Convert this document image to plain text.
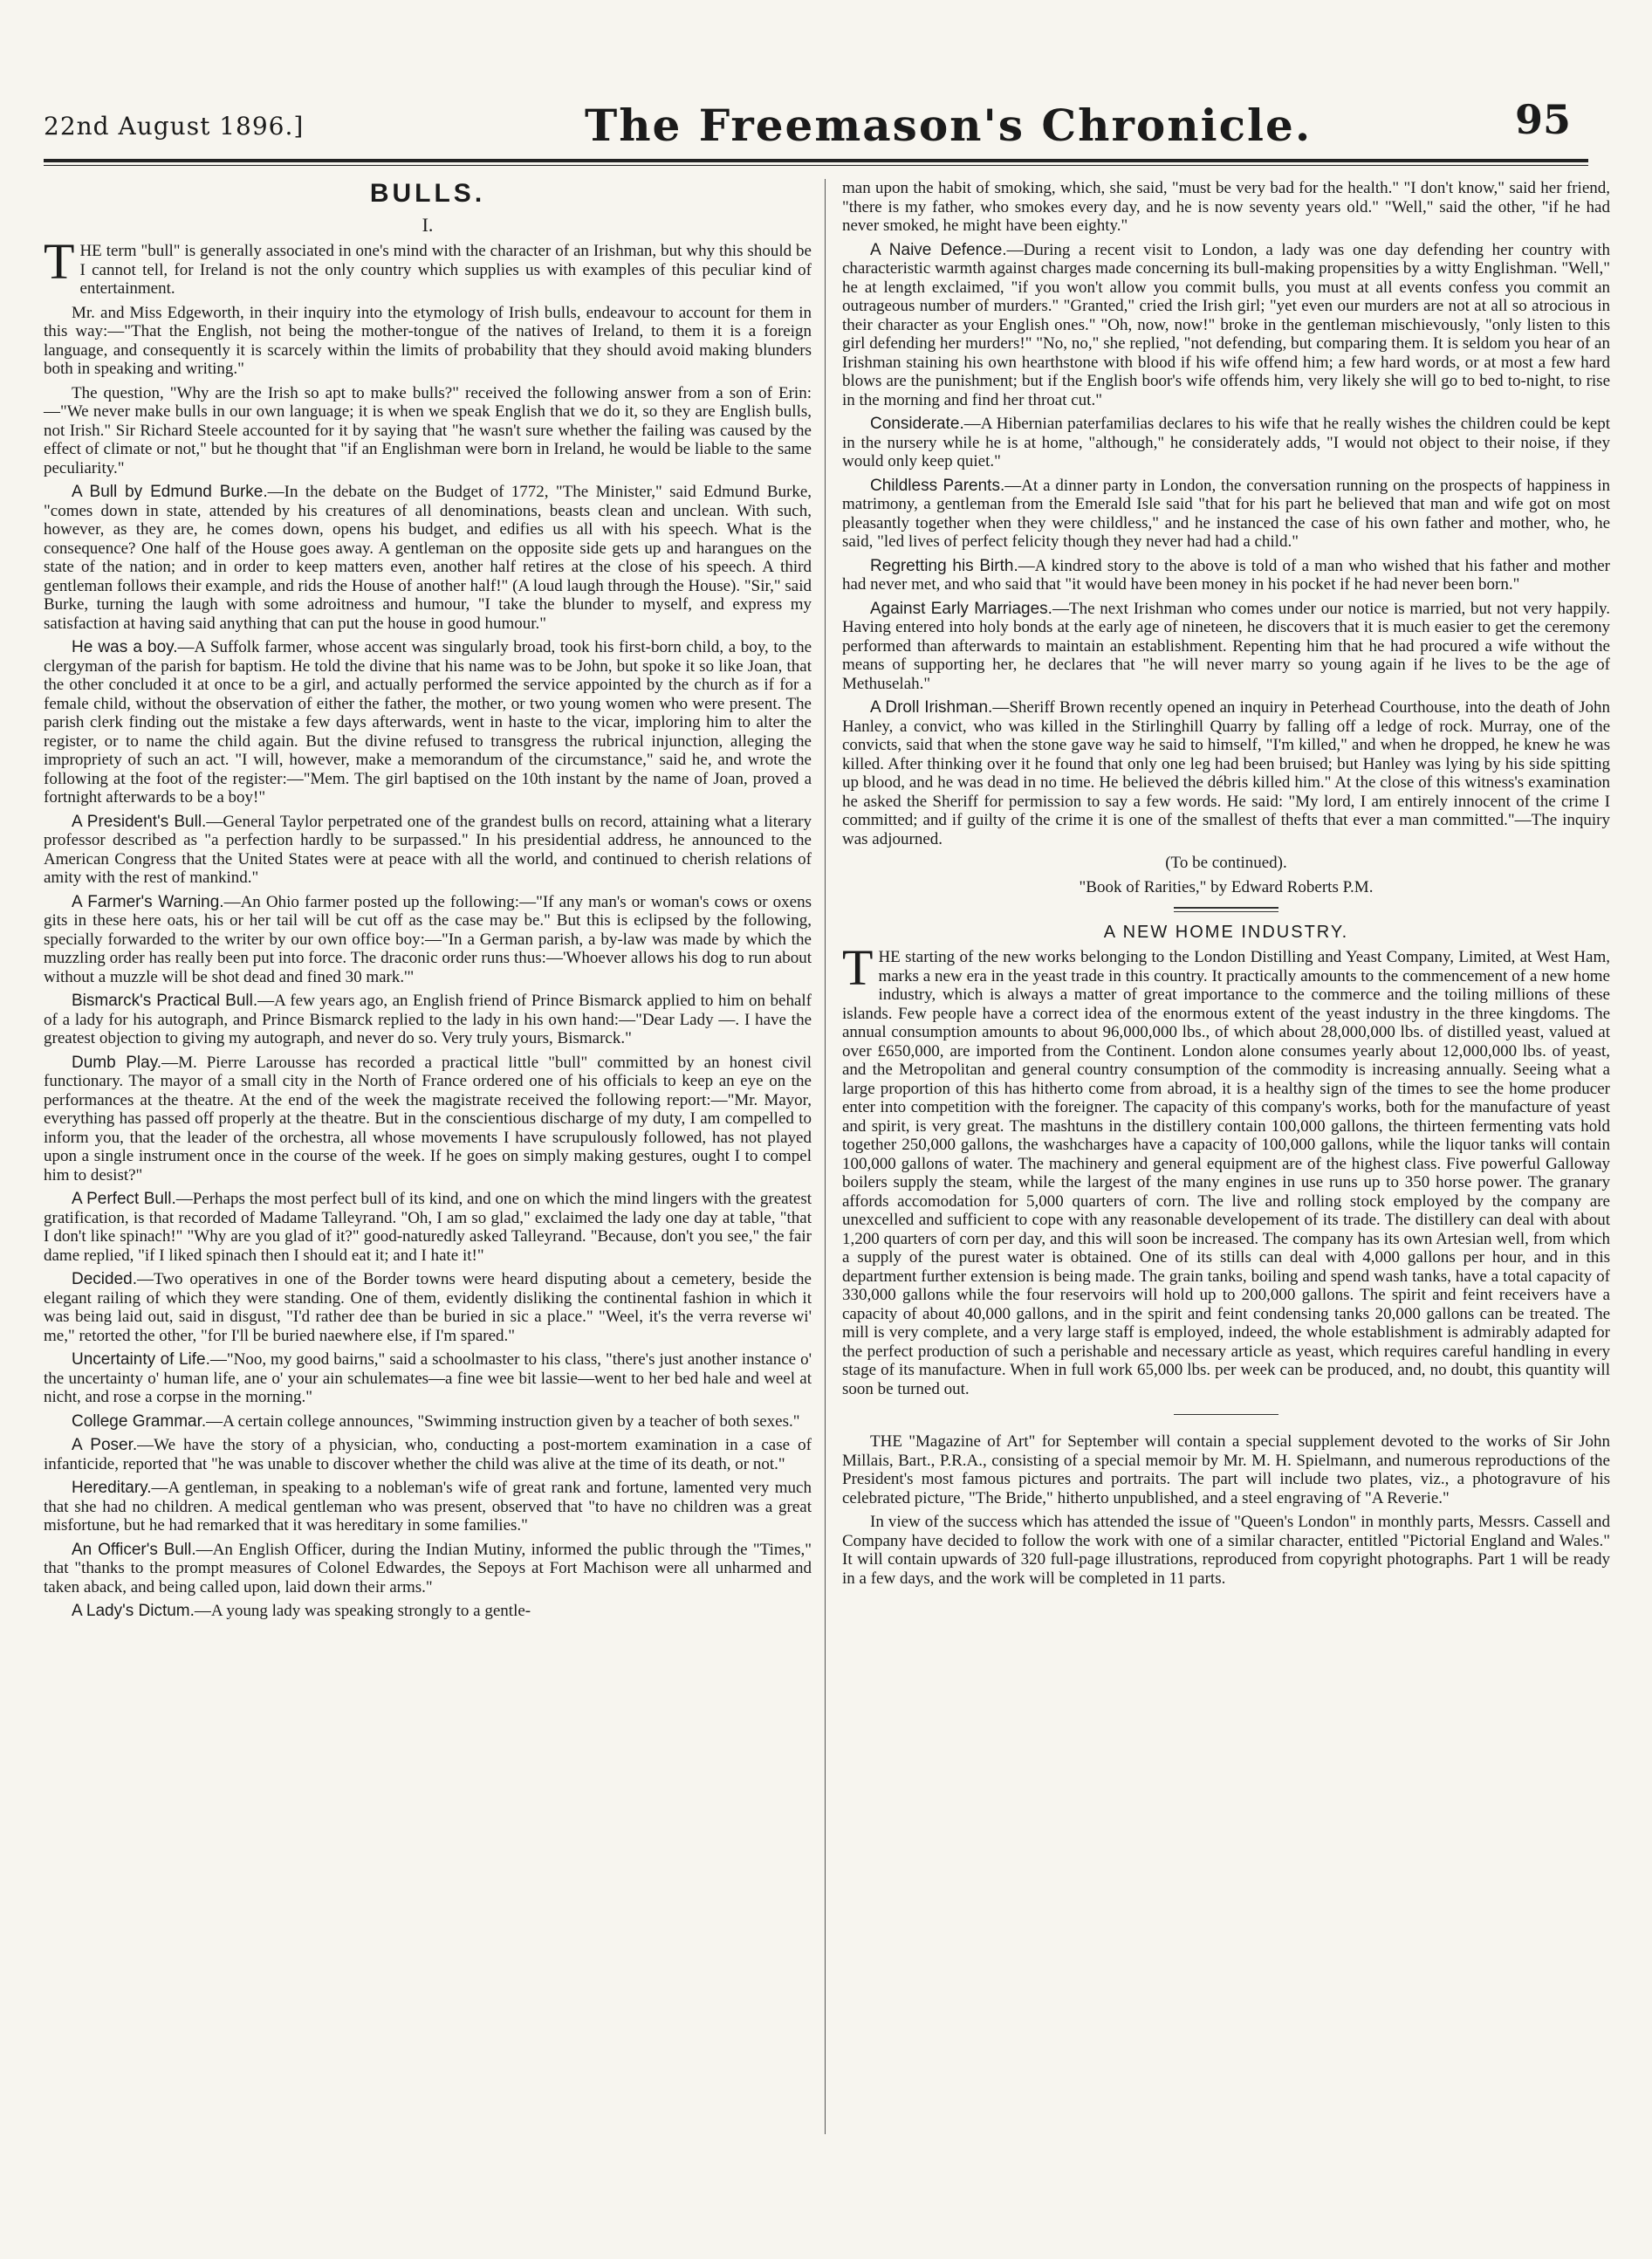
22nd August 1896.]	The Freemason's Chronicle.	95
BULLS.
I.

THE term "bull" is generally associated in one's mind with the character of an Irishman, but why this should be I cannot tell, for Ireland is not the only country which supplies us with examples of this peculiar kind of entertainment.

Mr. and Miss Edgeworth, in their inquiry into the etymology of Irish bulls, endeavour to account for them in this way:—"That the English, not being the mother-tongue of the natives of Ireland, to them it is a foreign language, and consequently it is scarcely within the limits of probability that they should avoid making blunders both in speaking and writing."

The question, "Why are the Irish so apt to make bulls?" received the following answer from a son of Erin:—"We never make bulls in our own language; it is when we speak English that we do it, so they are English bulls, not Irish." Sir Richard Steele accounted for it by saying that "he wasn't sure whether the failing was caused by the effect of climate or not," but he thought that "if an Englishman were born in Ireland, he would be liable to the same peculiarity."

A Bull by Edmund Burke.—In the debate on the Budget of 1772, "The Minister," said Edmund Burke, "comes down in state, attended by his creatures of all denominations, beasts clean and unclean. With such, however, as they are, he comes down, opens his budget, and edifies us all with his speech. What is the consequence? One half of the House goes away. A gentleman on the opposite side gets up and harangues on the state of the nation; and in order to keep matters even, another half retires at the close of his speech. A third gentleman follows their example, and rids the House of another half!" (A loud laugh through the House). "Sir," said Burke, turning the laugh with some adroitness and humour, "I take the blunder to myself, and express my satisfaction at having said anything that can put the house in good humour."

He was a boy.—A Suffolk farmer, whose accent was singularly broad, took his first-born child, a boy, to the clergyman of the parish for baptism. He told the divine that his name was to be John, but spoke it so like Joan, that the other concluded it at once to be a girl, and actually performed the service appointed by the church as if for a female child, without the observation of either the father, the mother, or two young women who were present. The parish clerk finding out the mistake a few days afterwards, went in haste to the vicar, imploring him to alter the register, or to name the child again. But the divine refused to transgress the rubrical injunction, alleging the impropriety of such an act. "I will, however, make a memorandum of the circumstance," said he, and wrote the following at the foot of the register:—"Mem. The girl baptised on the 10th instant by the name of Joan, proved a fortnight afterwards to be a boy!"

A President's Bull.—General Taylor perpetrated one of the grandest bulls on record, attaining what a literary professor described as "a perfection hardly to be surpassed." In his presidential address, he announced to the American Congress that the United States were at peace with all the world, and continued to cherish relations of amity with the rest of mankind."

A Farmer's Warning.—An Ohio farmer posted up the following:—"If any man's or woman's cows or oxens gits in these here oats, his or her tail will be cut off as the case may be." But this is eclipsed by the following, specially forwarded to the writer by our own office boy:—"In a German parish, a by-law was made by which the muzzling order has really been put into force. The draconic order runs thus:—'Whoever allows his dog to run about without a muzzle will be shot dead and fined 30 mark.'"

Bismarck's Practical Bull.—A few years ago, an English friend of Prince Bismarck applied to him on behalf of a lady for his autograph, and Prince Bismarck replied to the lady in his own hand:—"Dear Lady —. I have the greatest objection to giving my autograph, and never do so. Very truly yours, Bismarck."

Dumb Play.—M. Pierre Larousse has recorded a practical little "bull" committed by an honest civil functionary. The mayor of a small city in the North of France ordered one of his officials to keep an eye on the performances at the theatre. At the end of the week the magistrate received the following report:—"Mr. Mayor, everything has passed off properly at the theatre. But in the conscientious discharge of my duty, I am compelled to inform you, that the leader of the orchestra, all whose movements I have scrupulously followed, has not played upon a single instrument once in the course of the week. If he goes on simply making gestures, ought I to compel him to desist?"

A Perfect Bull.—Perhaps the most perfect bull of its kind, and one on which the mind lingers with the greatest gratification, is that recorded of Madame Talleyrand. "Oh, I am so glad," exclaimed the lady one day at table, "that I don't like spinach!" "Why are you glad of it?" good-naturedly asked Talleyrand. "Because, don't you see," the fair dame replied, "if I liked spinach then I should eat it; and I hate it!"

Decided.—Two operatives in one of the Border towns were heard disputing about a cemetery, beside the elegant railing of which they were standing. One of them, evidently disliking the continental fashion in which it was being laid out, said in disgust, "I'd rather dee than be buried in sic a place." "Weel, it's the verra reverse wi' me," retorted the other, "for I'll be buried naewhere else, if I'm spared."

Uncertainty of Life.—"Noo, my good bairns," said a schoolmaster to his class, "there's just another instance o' the uncertainty o' human life, ane o' your ain schulemates—a fine wee bit lassie—went to her bed hale and weel at nicht, and rose a corpse in the morning."

College Grammar.—A certain college announces, "Swimming instruction given by a teacher of both sexes."

A Poser.—We have the story of a physician, who, conducting a post-mortem examination in a case of infanticide, reported that "he was unable to discover whether the child was alive at the time of its death, or not."

Hereditary.—A gentleman, in speaking to a nobleman's wife of great rank and fortune, lamented very much that she had no children. A medical gentleman who was present, observed that "to have no children was a great misfortune, but he had remarked that it was hereditary in some families."

An Officer's Bull.—An English Officer, during the Indian Mutiny, informed the public through the "Times," that "thanks to the prompt measures of Colonel Edwardes, the Sepoys at Fort Machison were all unharmed and taken aback, and being called upon, laid down their arms."

A Lady's Dictum.—A young lady was speaking strongly to a gentle-

man upon the habit of smoking, which, she said, "must be very bad for the health." "I don't know," said her friend, "there is my father, who smokes every day, and he is now seventy years old." "Well," said the other, "if he had never smoked, he might have been eighty."

A Naive Defence.—During a recent visit to London, a lady was one day defending her country with characteristic warmth against charges made concerning its bull-making propensities by a witty Englishman. "Well," he at length exclaimed, "if you won't allow you commit bulls, you must at all events confess you commit an outrageous number of murders." "Granted," cried the Irish girl; "yet even our murders are not at all so atrocious in their character as your English ones." "Oh, now, now!" broke in the gentleman mischievously, "only listen to this girl defending her murders!" "No, no," she replied, "not defending, but comparing them. It is seldom you hear of an Irishman staining his own hearthstone with blood if his wife offend him; a few hard words, or at most a few hard blows are the punishment; but if the English boor's wife offends him, very likely she will go to bed to-night, to rise in the morning and find her throat cut."

Considerate.—A Hibernian paterfamilias declares to his wife that he really wishes the children could be kept in the nursery while he is at home, "although," he considerately adds, "I would not object to their noise, if they would only keep quiet."

Childless Parents.—At a dinner party in London, the conversation running on the prospects of happiness in matrimony, a gentleman from the Emerald Isle said "that for his part he believed that man and wife got on most pleasantly together when they were childless," and he instanced the case of his own father and mother, who, he said, "led lives of perfect felicity though they never had had a child."

Regretting his Birth.—A kindred story to the above is told of a man who wished that his father and mother had never met, and who said that "it would have been money in his pocket if he had never been born."

Against Early Marriages.—The next Irishman who comes under our notice is married, but not very happily. Having entered into holy bonds at the early age of nineteen, he discovers that it is much easier to get the ceremony performed than afterwards to maintain an establishment. Repenting him that he had procured a wife without the means of supporting her, he declares that "he will never marry so young again if he lives to be the age of Methuselah."

A Droll Irishman.—Sheriff Brown recently opened an inquiry in Peterhead Courthouse, into the death of John Hanley, a convict, who was killed in the Stirlinghill Quarry by falling off a ledge of rock. Murray, one of the convicts, said that when the stone gave way he said to himself, "I'm killed," and when he dropped, he knew he was killed. After thinking over it he found that only one leg had been bruised; but Hanley was lying by his side spitting up blood, and he was dead in no time. He believed the débris killed him." At the close of this witness's examination he asked the Sheriff for permission to say a few words. He said: "My lord, I am entirely innocent of the crime I committed; and if guilty of the crime it is one of the smallest of thefts that ever a man committed."—The inquiry was adjourned.

(To be continued).

"Book of Rarities," by Edward Roberts P.M.

A NEW HOME INDUSTRY.

THE starting of the new works belonging to the London Distilling and Yeast Company, Limited, at West Ham, marks a new era in the yeast trade in this country. It practically amounts to the commencement of a new home industry, which is always a matter of great importance to the commerce and the toiling millions of these islands. Few people have a correct idea of the enormous extent of the yeast industry in the three kingdoms. The annual consumption amounts to about 96,000,000 lbs., of which about 28,000,000 lbs. of distilled yeast, valued at over £650,000, are imported from the Continent. London alone consumes yearly about 12,000,000 lbs. of yeast, and the Metropolitan and general country consumption of the commodity is increasing annually. Seeing what a large proportion of this has hitherto come from abroad, it is a healthy sign of the times to see the home producer enter into competition with the foreigner. The capacity of this company's works, both for the manufacture of yeast and spirit, is very great. The mashtuns in the distillery contain 100,000 gallons, the thirteen fermenting vats hold together 250,000 gallons, the washcharges have a capacity of 100,000 gallons, while the liquor tanks will contain 100,000 gallons of water. The machinery and general equipment are of the highest class. Five powerful Galloway boilers supply the steam, while the largest of the many engines in use runs up to 350 horse power. The granary affords accomodation for 5,000 quarters of corn. The live and rolling stock employed by the company are unexcelled and sufficient to cope with any reasonable developement of its trade. The distillery can deal with about 1,200 quarters of corn per day, and this will soon be increased. The company has its own Artesian well, from which a supply of the purest water is obtained. One of its stills can deal with 4,000 gallons per hour, and in this department further extension is being made. The grain tanks, boiling and spend wash tanks, have a total capacity of 330,000 gallons while the four reservoirs will hold up to 200,000 gallons. The spirit and feint receivers have a capacity of about 40,000 gallons, and in the spirit and feint condensing tanks 20,000 gallons can be treated. The mill is very complete, and a very large staff is employed, indeed, the whole establishment is admirably adapted for the perfect production of such a perishable and necessary article as yeast, which requires careful handling in every stage of its manufacture. When in full work 65,000 lbs. per week can be produced, and, no doubt, this quantity will soon be turned out.

THE "Magazine of Art" for September will contain a special supplement devoted to the works of Sir John Millais, Bart., P.R.A., consisting of a special memoir by Mr. M. H. Spielmann, and numerous reproductions of the President's most famous pictures and portraits. The part will include two plates, viz., a photogravure of his celebrated picture, "The Bride," hitherto unpublished, and a steel engraving of "A Reverie."

In view of the success which has attended the issue of "Queen's London" in monthly parts, Messrs. Cassell and Company have decided to follow the work with one of a similar character, entitled "Pictorial England and Wales." It will contain upwards of 320 full-page illustrations, reproduced from copyright photographs. Part 1 will be ready in a few days, and the work will be completed in 11 parts.
